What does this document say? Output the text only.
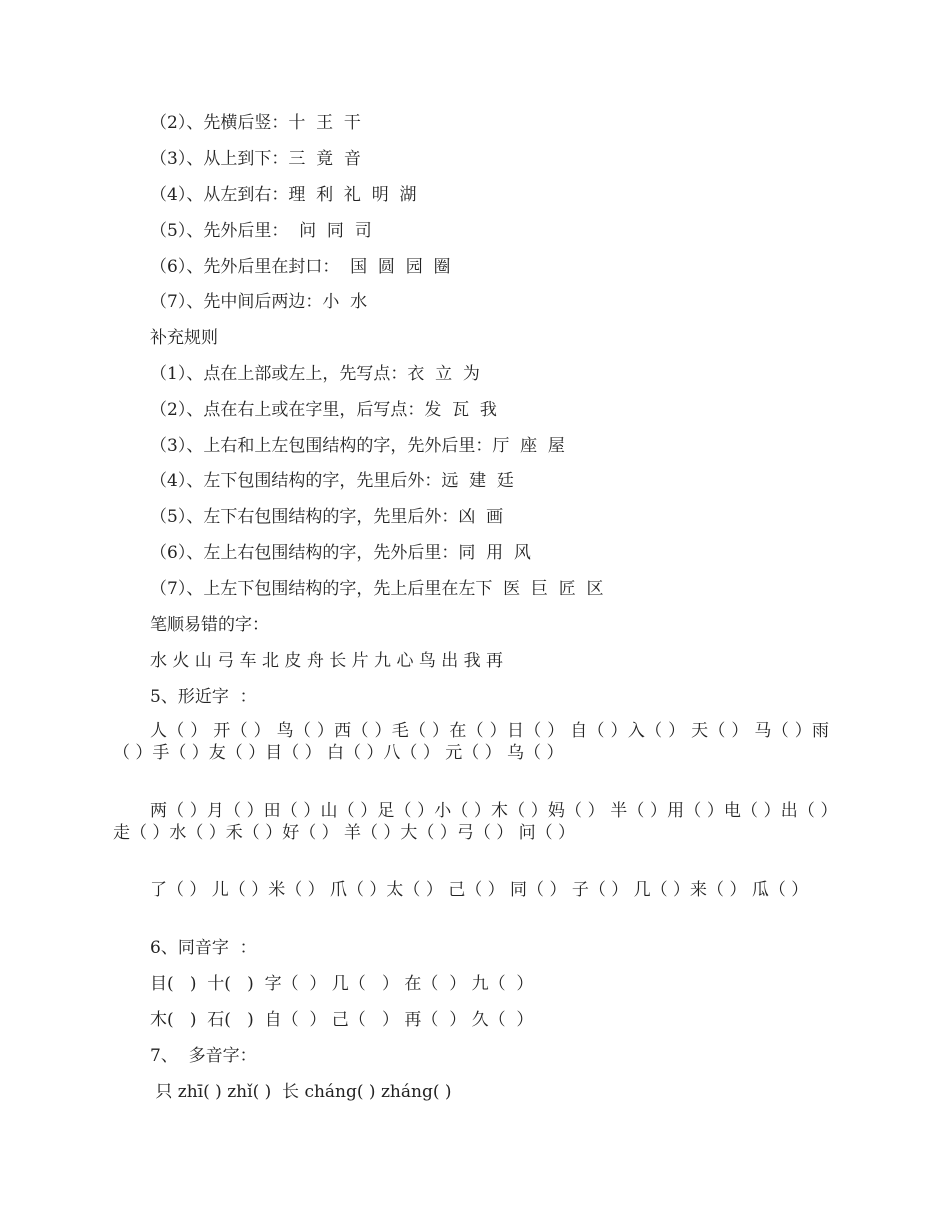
（2）、先横后竖：十  王  干
（3）、从上到下：三  竟  音
（4）、从左到右：理  利  礼  明  湖
（5）、先外后里：  问  同  司
（6）、先外后里在封口：  国  圆  园  圈
（7）、先中间后两边：小  水
补充规则
（1）、点在上部或左上，先写点：衣  立  为
（2）、点在右上或在字里，后写点：发  瓦  我
（3）、上右和上左包围结构的字，先外后里：厅  座  屋
（4）、左下包围结构的字，先里后外：远  建  廷
（5）、左下右包围结构的字，先里后外：凶  画
（6）、左上右包围结构的字，先外后里：同  用  风
（7）、上左下包围结构的字，先上后里在左下  医  巨  匠  区
笔顺易错的字：
水 火 山 弓 车 北 皮 舟 长 片 九 心 鸟 出 我 再
5、形近字  ：
人（ ） 开（ ） 鸟（ ）西（ ）毛（ ）在（ ）日（ ） 自（ ）入（ ） 天（ ） 马（ ）雨（ ）手（ ）友（ ）目（ ） 白（ ）八（ ） 元（ ） 乌（ ）
两（ ）月（ ）田（ ）山（ ）足（ ）小（ ）木（ ）妈（ ） 半（ ）用（ ）电（ ）出（ ）走（ ）水（ ）禾（ ）好（ ） 羊（ ）大（ ）弓（ ） 问（ ）
了（ ） 儿（ ）米（ ） 爪（ ）太（ ） 己（ ） 同（ ） 子（ ） 几（ ）来（ ） 瓜（ ）
6、同音字  ：
目(   )  十(   )  字（  ） 几（   ） 在（  ） 九（  ）
木(   )  石(   )  自（  ） 己（   ） 再（  ） 久（  ）
7、  多音字：
只 zhī( ) zhǐ( )  长 cháng( ) zháng( )
